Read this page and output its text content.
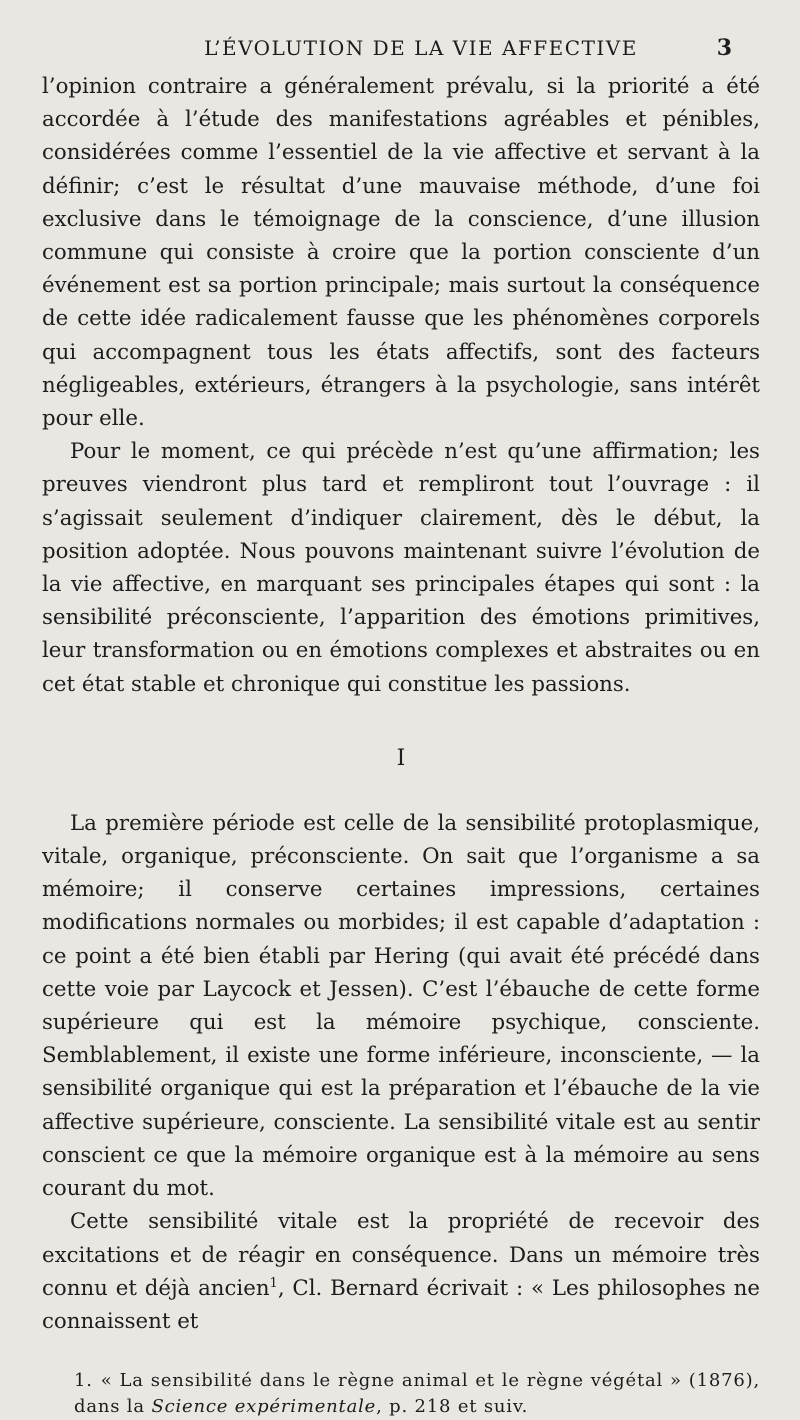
L’ÉVOLUTION DE LA VIE AFFECTIVE	3

l’opinion contraire a généralement prévalu, si la priorité a été accordée à l’étude des manifestations agréables et pénibles, considérées comme l’essentiel de la vie affective et servant à la définir; c’est le résultat d’une mauvaise méthode, d’une foi exclusive dans le témoignage de la conscience, d’une illusion commune qui consiste à croire que la portion consciente d’un événement est sa portion principale; mais surtout la conséquence de cette idée radicalement fausse que les phénomènes corporels qui accompagnent tous les états affectifs, sont des facteurs négligeables, extérieurs, étrangers à la psychologie, sans intérêt pour elle.

Pour le moment, ce qui précède n’est qu’une affirmation; les preuves viendront plus tard et rempliront tout l’ouvrage : il s’agissait seulement d’indiquer clairement, dès le début, la position adoptée. Nous pouvons maintenant suivre l’évolution de la vie affective, en marquant ses principales étapes qui sont : la sensibilité préconsciente, l’apparition des émotions primitives, leur transformation ou en émotions complexes et abstraites ou en cet état stable et chronique qui constitue les passions.

I

La première période est celle de la sensibilité protoplasmique, vitale, organique, préconsciente. On sait que l’organisme a sa mémoire; il conserve certaines impressions, certaines modifications normales ou morbides; il est capable d’adaptation : ce point a été bien établi par Hering (qui avait été précédé dans cette voie par Laycock et Jessen). C’est l’ébauche de cette forme supérieure qui est la mémoire psychique, consciente. Semblablement, il existe une forme inférieure, inconsciente, — la sensibilité organique qui est la préparation et l’ébauche de la vie affective supérieure, consciente. La sensibilité vitale est au sentir conscient ce que la mémoire organique est à la mémoire au sens courant du mot.

Cette sensibilité vitale est la propriété de recevoir des excitations et de réagir en conséquence. Dans un mémoire très connu et déjà ancien$^1$, Cl. Bernard écrivait : « Les philosophes ne connaissent et

1. « La sensibilité dans le règne animal et le règne végétal » (1876), dans la Science expérimentale, p. 218 et suiv.
